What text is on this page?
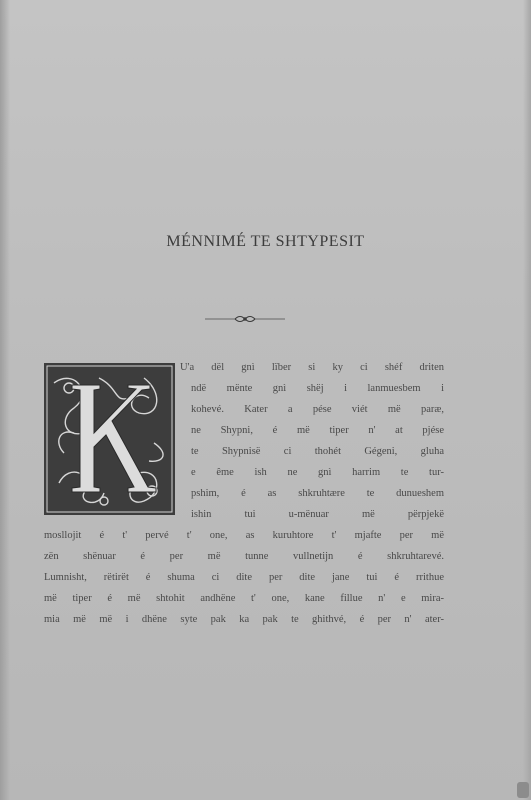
MÉNNIMÉ TE SHTYPESIT
U'a dël gnì lïber si ky ci shéf driten
ndë mënte gnì shëj i lanmuesbem i
kohevé. Kater a pése viét më paræ,
ne Shypni, é më tiper n' at pjése
te Shypnisë ci thohét Gégeni, gluha
e ême ish ne gnì harrim te tur-
pshim, é as shkruhtære te dunueshem
ishin tui u-mënuar më përpjekë
mosllojit é t' pervé t' one, as kuruhtore t' mjafte per më
zën shënuar é per më tunne vullnetijn é shkruhtarevé.
Lumnisht, rëtirët é shuma ci dite per dite jane tui é rrithue
më tiper é më shtohit andhëne t' one, kane fillue n' e mira-
mia më më i dhëne syte pak ka pak te ghithvé, é per n' ater-
